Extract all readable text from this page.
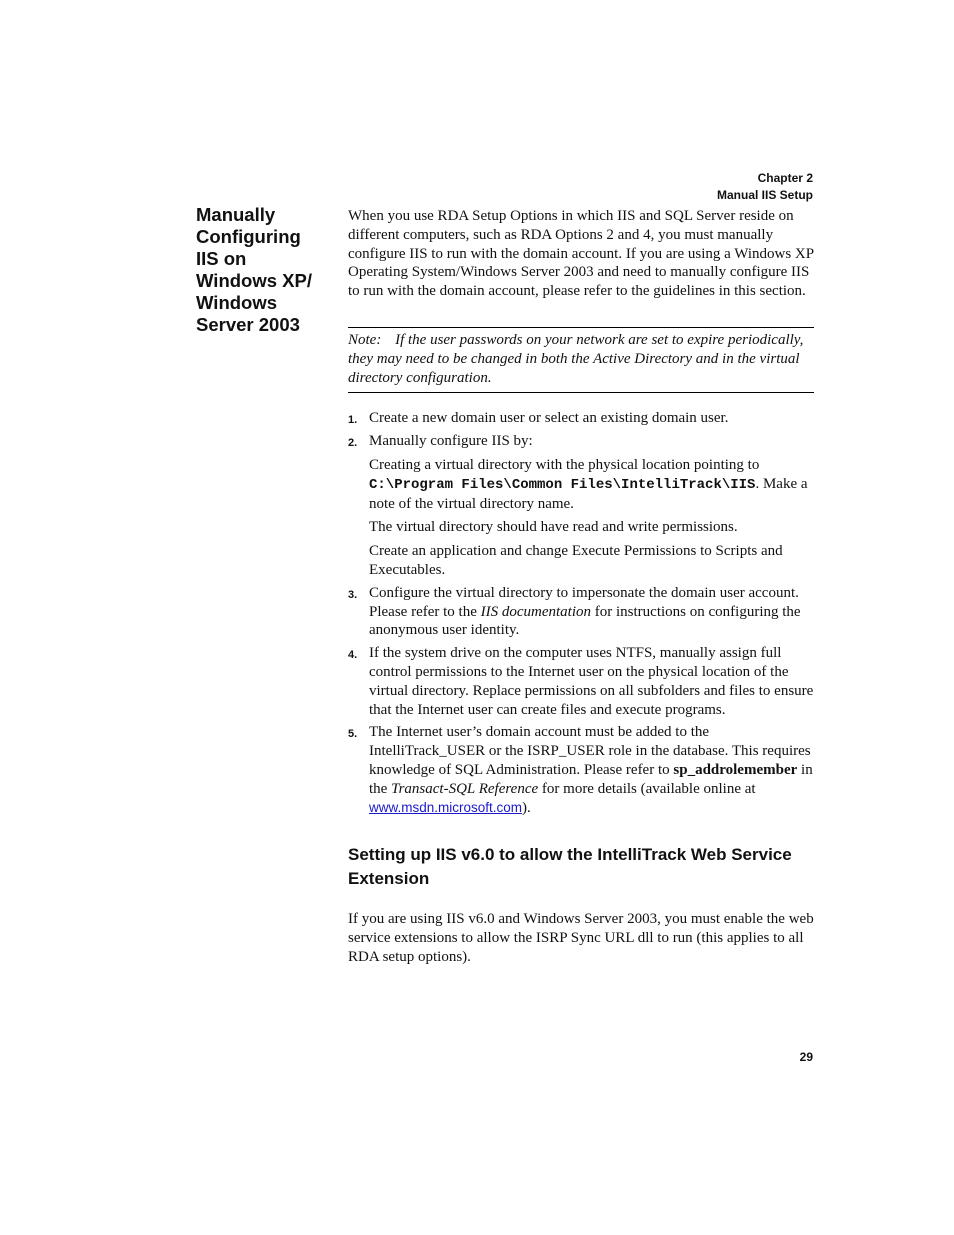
Chapter 2
Manual IIS Setup
Manually Configuring IIS on Windows XP/ Windows Server 2003

When you use RDA Setup Options in which IIS and SQL Server reside on different computers, such as RDA Options 2 and 4, you must manually configure IIS to run with the domain account. If you are using a Windows XP Operating System/Windows Server 2003 and need to manually configure IIS to run with the domain account, please refer to the guidelines in this section.

Note: If the user passwords on your network are set to expire periodically, they may need to be changed in both the Active Directory and in the virtual directory configuration.
1. Create a new domain user or select an existing domain user.
2. Manually configure IIS by:

Creating a virtual directory with the physical location pointing to C:\Program Files\Common Files\IntelliTrack\IIS. Make a note of the virtual directory name.

The virtual directory should have read and write permissions.

Create an application and change Execute Permissions to Scripts and Executables.

3. Configure the virtual directory to impersonate the domain user account. Please refer to the IIS documentation for instructions on configuring the anonymous user identity.
4. If the system drive on the computer uses NTFS, manually assign full control permissions to the Internet user on the physical location of the virtual directory. Replace permissions on all subfolders and files to ensure that the Internet user can create files and execute programs.
5. The Internet user’s domain account must be added to the IntelliTrack_USER or the ISRP_USER role in the database. This requires knowledge of SQL Administration. Please refer to sp_addrolemember in the Transact-SQL Reference for more details (available online at www.msdn.microsoft.com).
Setting up IIS v6.0 to allow the IntelliTrack Web Service Extension

If you are using IIS v6.0 and Windows Server 2003, you must enable the web service extensions to allow the ISRP Sync URL dll to run (this applies to all RDA setup options).

29
